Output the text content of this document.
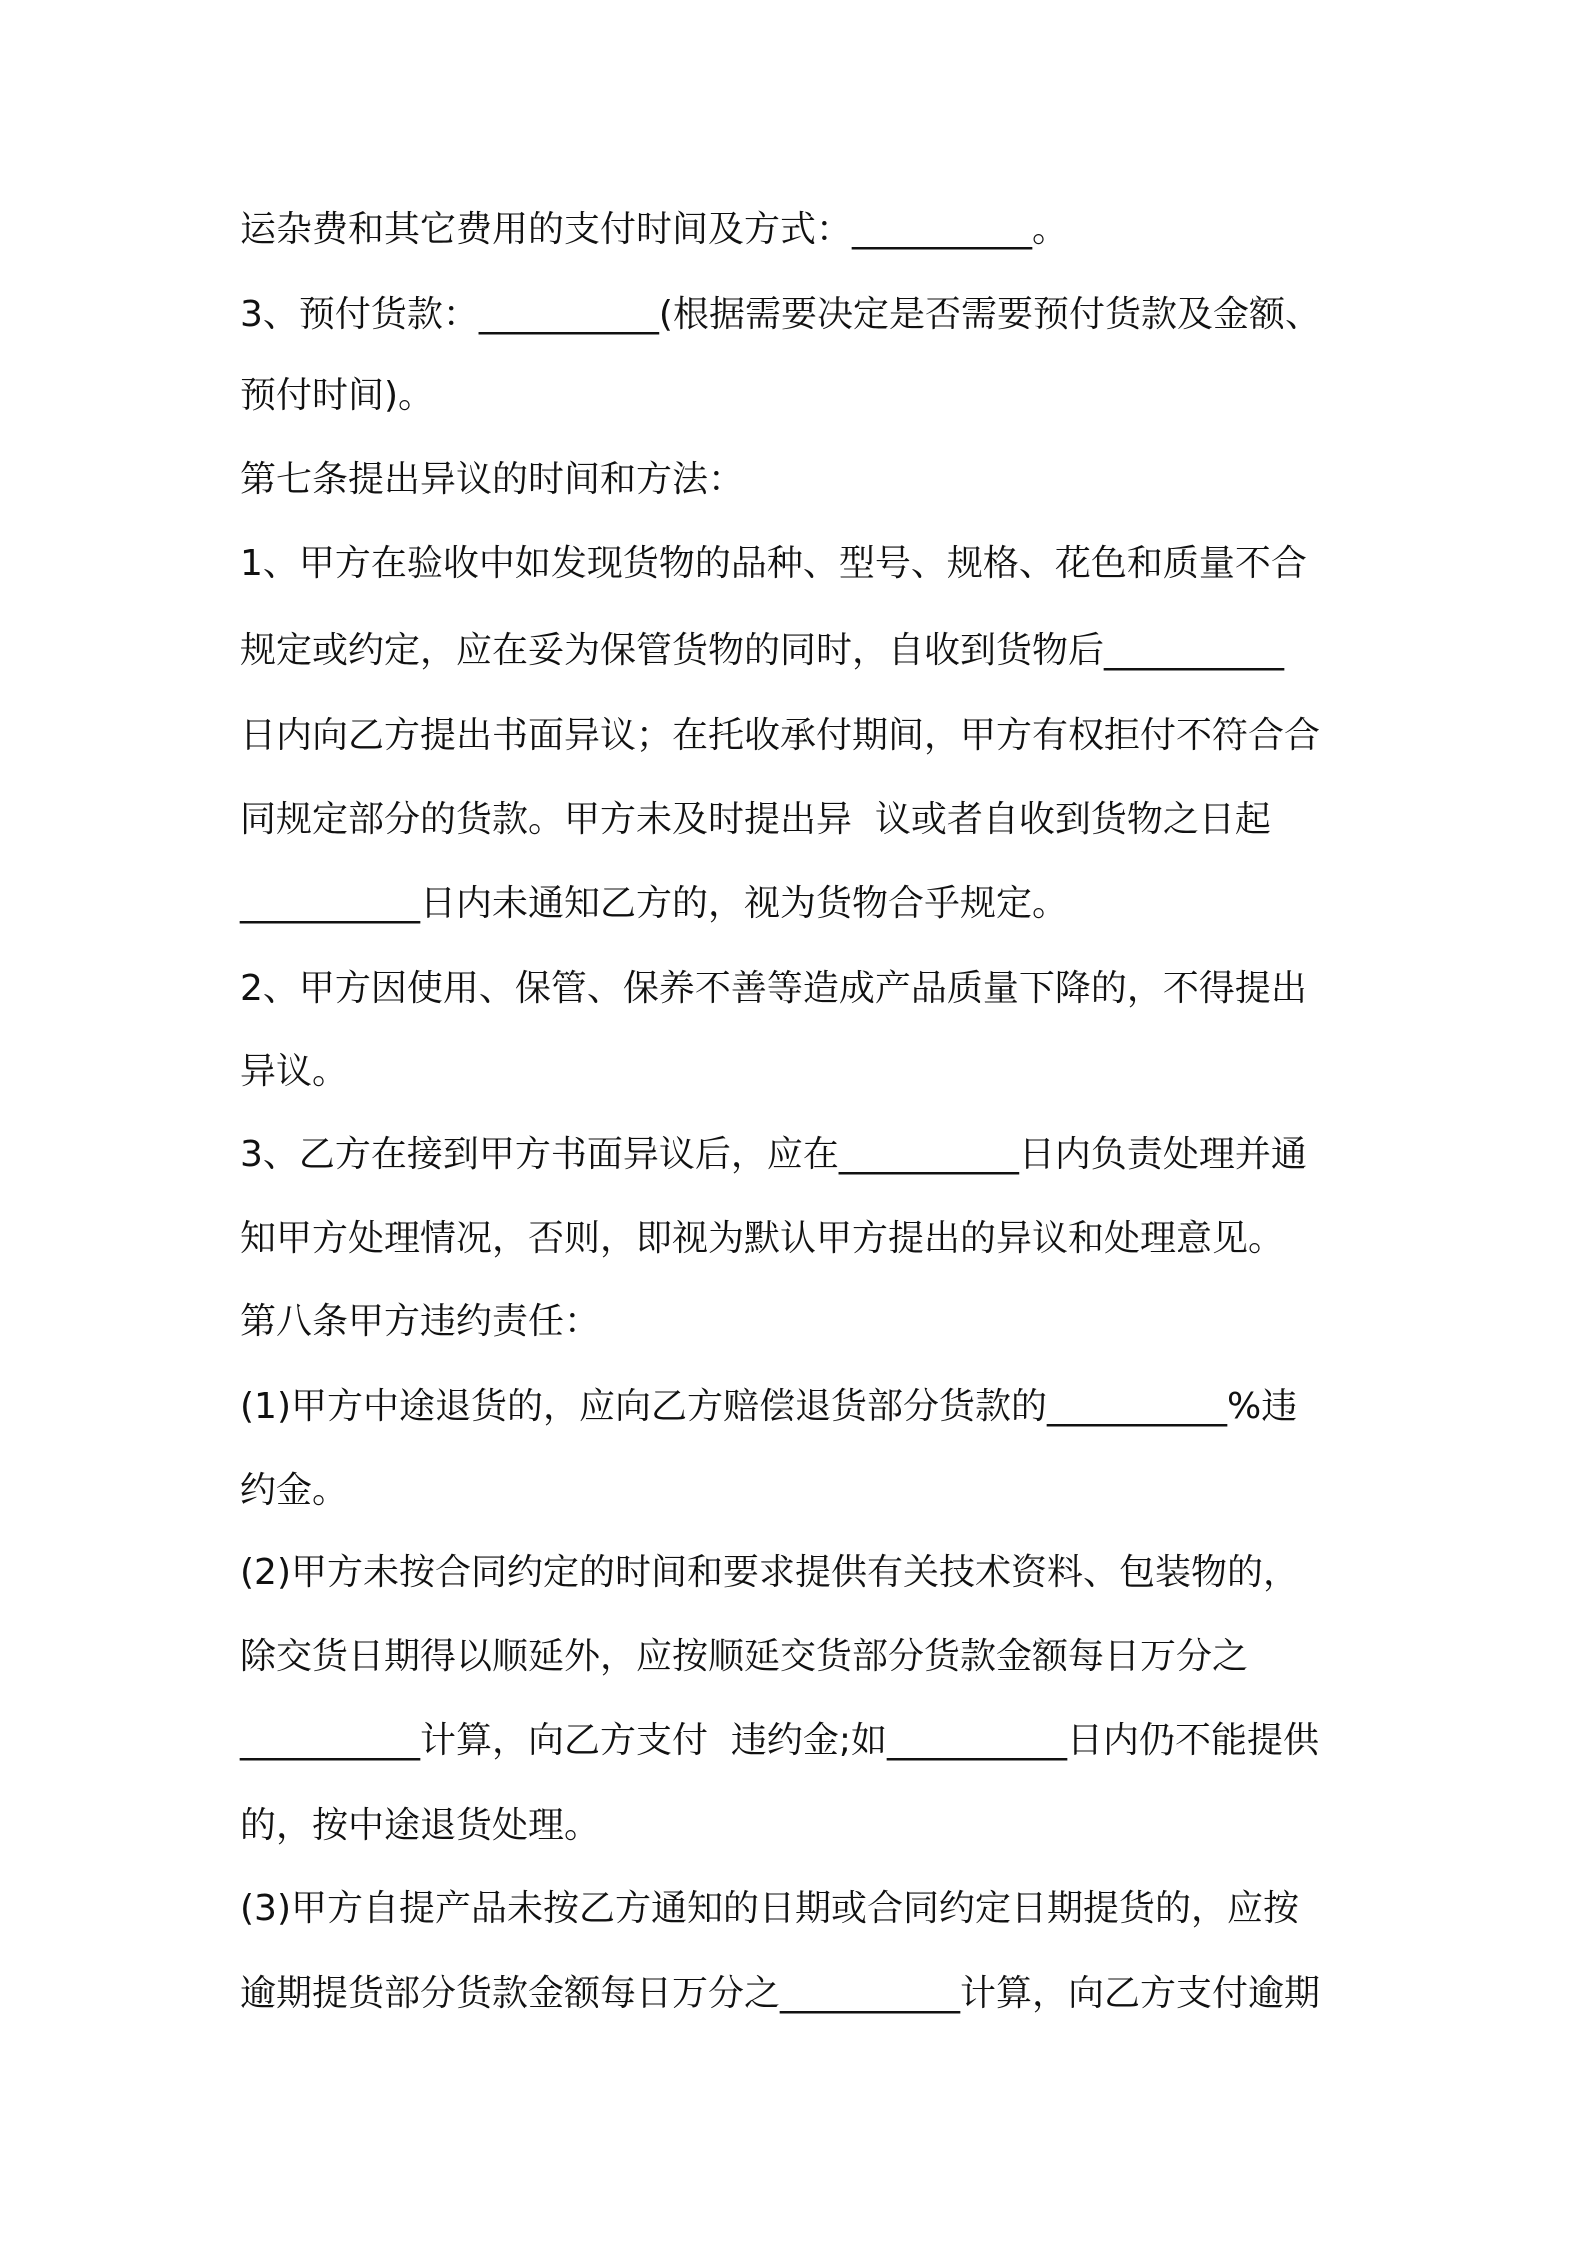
运杂费和其它费用的支付时间及方式：__________。
3、预付货款：__________(根据需要决定是否需要预付货款及金额、
预付时间)。
第七条提出异议的时间和方法：
1、甲方在验收中如发现货物的品种、型号、规格、花色和质量不合
规定或约定，应在妥为保管货物的同时，自收到货物后__________
日内向乙方提出书面异议；在托收承付期间，甲方有权拒付不符合合
同规定部分的货款。甲方未及时提出异  议或者自收到货物之日起
__________日内未通知乙方的，视为货物合乎规定。
2、甲方因使用、保管、保养不善等造成产品质量下降的，不得提出
异议。
3、乙方在接到甲方书面异议后，应在__________日内负责处理并通
知甲方处理情况，否则，即视为默认甲方提出的异议和处理意见。
第八条甲方违约责任：
(1)甲方中途退货的，应向乙方赔偿退货部分货款的__________%违
约金。
(2)甲方未按合同约定的时间和要求提供有关技术资料、包装物的，
除交货日期得以顺延外，应按顺延交货部分货款金额每日万分之
__________计算，向乙方支付  违约金;如__________日内仍不能提供
的，按中途退货处理。
(3)甲方自提产品未按乙方通知的日期或合同约定日期提货的，应按
逾期提货部分货款金额每日万分之__________计算，向乙方支付逾期
